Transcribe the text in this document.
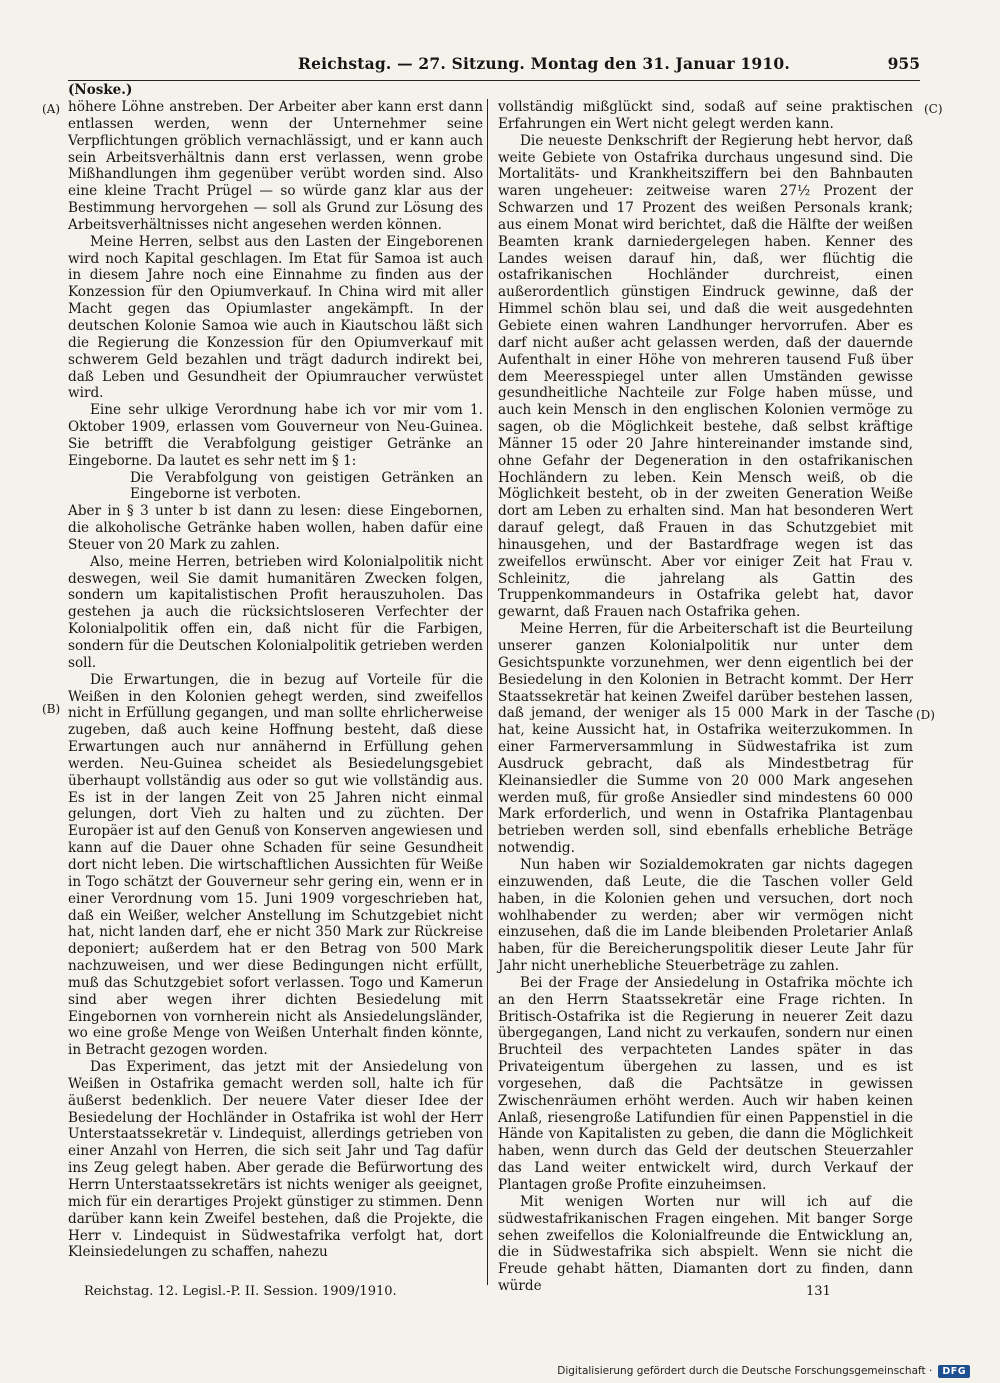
Reichstag. — 27. Sitzung. Montag den 31. Januar 1910.	955
(Noske.)
(A)
(B)
(C)
(D)

höhere Löhne anstreben. Der Arbeiter aber kann erst dann entlassen werden, wenn der Unternehmer seine Verpflichtungen gröblich vernachlässigt, und er kann auch sein Arbeitsverhältnis dann erst verlassen, wenn grobe Mißhandlungen ihm gegenüber verübt worden sind. Also eine kleine Tracht Prügel — so würde ganz klar aus der Bestimmung hervorgehen — soll als Grund zur Lösung des Arbeitsverhältnisses nicht angesehen werden können.

Meine Herren, selbst aus den Lasten der Eingeborenen wird noch Kapital geschlagen. Im Etat für Samoa ist auch in diesem Jahre noch eine Einnahme zu finden aus der Konzession für den Opiumverkauf. In China wird mit aller Macht gegen das Opiumlaster angekämpft. In der deutschen Kolonie Samoa wie auch in Kiautschou läßt sich die Regierung die Konzession für den Opiumverkauf mit schwerem Geld bezahlen und trägt dadurch indirekt bei, daß Leben und Gesundheit der Opiumraucher verwüstet wird.

Eine sehr ulkige Verordnung habe ich vor mir vom 1. Oktober 1909, erlassen vom Gouverneur von Neu-Guinea. Sie betrifft die Verabfolgung geistiger Getränke an Eingeborne. Da lautet es sehr nett im § 1:

Die Verabfolgung von geistigen Getränken an Eingeborne ist verboten.

Aber in § 3 unter b ist dann zu lesen: diese Eingebornen, die alkoholische Getränke haben wollen, haben dafür eine Steuer von 20 Mark zu zahlen.

Also, meine Herren, betrieben wird Kolonialpolitik nicht deswegen, weil Sie damit humanitären Zwecken folgen, sondern um kapitalistischen Profit herauszuholen. Das gestehen ja auch die rücksichtsloseren Verfechter der Kolonialpolitik offen ein, daß nicht für die Farbigen, sondern für die Deutschen Kolonialpolitik getrieben werden soll.

Die Erwartungen, die in bezug auf Vorteile für die Weißen in den Kolonien gehegt werden, sind zweifellos nicht in Erfüllung gegangen, und man sollte ehrlicherweise zugeben, daß auch keine Hoffnung besteht, daß diese Erwartungen auch nur annähernd in Erfüllung gehen werden. Neu-Guinea scheidet als Besiedelungsgebiet überhaupt vollständig aus oder so gut wie vollständig aus. Es ist in der langen Zeit von 25 Jahren nicht einmal gelungen, dort Vieh zu halten und zu züchten. Der Europäer ist auf den Genuß von Konserven angewiesen und kann auf die Dauer ohne Schaden für seine Gesundheit dort nicht leben. Die wirtschaftlichen Aussichten für Weiße in Togo schätzt der Gouverneur sehr gering ein, wenn er in einer Verordnung vom 15. Juni 1909 vorgeschrieben hat, daß ein Weißer, welcher Anstellung im Schutzgebiet nicht hat, nicht landen darf, ehe er nicht 350 Mark zur Rückreise deponiert; außerdem hat er den Betrag von 500 Mark nachzuweisen, und wer diese Bedingungen nicht erfüllt, muß das Schutzgebiet sofort verlassen. Togo und Kamerun sind aber wegen ihrer dichten Besiedelung mit Eingebornen von vornherein nicht als Ansiedelungsländer, wo eine große Menge von Weißen Unterhalt finden könnte, in Betracht gezogen worden.

Das Experiment, das jetzt mit der Ansiedelung von Weißen in Ostafrika gemacht werden soll, halte ich für äußerst bedenklich. Der neuere Vater dieser Idee der Besiedelung der Hochländer in Ostafrika ist wohl der Herr Unterstaatssekretär v. Lindequist, allerdings getrieben von einer Anzahl von Herren, die sich seit Jahr und Tag dafür ins Zeug gelegt haben. Aber gerade die Befürwortung des Herrn Unterstaatssekretärs ist nichts weniger als geeignet, mich für ein derartiges Projekt günstiger zu stimmen. Denn darüber kann kein Zweifel bestehen, daß die Projekte, die Herr v. Lindequist in Südwestafrika verfolgt hat, dort Kleinsiedelungen zu schaffen, nahezu

vollständig mißglückt sind, sodaß auf seine praktischen Erfahrungen ein Wert nicht gelegt werden kann.

Die neueste Denkschrift der Regierung hebt hervor, daß weite Gebiete von Ostafrika durchaus ungesund sind. Die Mortalitäts- und Krankheitsziffern bei den Bahnbauten waren ungeheuer: zeitweise waren 27½ Prozent der Schwarzen und 17 Prozent des weißen Personals krank; aus einem Monat wird berichtet, daß die Hälfte der weißen Beamten krank darniedergelegen haben. Kenner des Landes weisen darauf hin, daß, wer flüchtig die ostafrikanischen Hochländer durchreist, einen außerordentlich günstigen Eindruck gewinne, daß der Himmel schön blau sei, und daß die weit ausgedehnten Gebiete einen wahren Landhunger hervorrufen. Aber es darf nicht außer acht gelassen werden, daß der dauernde Aufenthalt in einer Höhe von mehreren tausend Fuß über dem Meeresspiegel unter allen Umständen gewisse gesundheitliche Nachteile zur Folge haben müsse, und auch kein Mensch in den englischen Kolonien vermöge zu sagen, ob die Möglichkeit bestehe, daß selbst kräftige Männer 15 oder 20 Jahre hintereinander imstande sind, ohne Gefahr der Degeneration in den ostafrikanischen Hochländern zu leben. Kein Mensch weiß, ob die Möglichkeit besteht, ob in der zweiten Generation Weiße dort am Leben zu erhalten sind. Man hat besonderen Wert darauf gelegt, daß Frauen in das Schutzgebiet mit hinausgehen, und der Bastardfrage wegen ist das zweifellos erwünscht. Aber vor einiger Zeit hat Frau v. Schleinitz, die jahrelang als Gattin des Truppenkommandeurs in Ostafrika gelebt hat, davor gewarnt, daß Frauen nach Ostafrika gehen.

Meine Herren, für die Arbeiterschaft ist die Beurteilung unserer ganzen Kolonialpolitik nur unter dem Gesichtspunkte vorzunehmen, wer denn eigentlich bei der Besiedelung in den Kolonien in Betracht kommt. Der Herr Staatssekretär hat keinen Zweifel darüber bestehen lassen, daß jemand, der weniger als 15 000 Mark in der Tasche hat, keine Aussicht hat, in Ostafrika weiterzukommen. In einer Farmerversammlung in Südwestafrika ist zum Ausdruck gebracht, daß als Mindestbetrag für Kleinansiedler die Summe von 20 000 Mark angesehen werden muß, für große Ansiedler sind mindestens 60 000 Mark erforderlich, und wenn in Ostafrika Plantagenbau betrieben werden soll, sind ebenfalls erhebliche Beträge notwendig.

Nun haben wir Sozialdemokraten gar nichts dagegen einzuwenden, daß Leute, die die Taschen voller Geld haben, in die Kolonien gehen und versuchen, dort noch wohlhabender zu werden; aber wir vermögen nicht einzusehen, daß die im Lande bleibenden Proletarier Anlaß haben, für die Bereicherungspolitik dieser Leute Jahr für Jahr nicht unerhebliche Steuerbeträge zu zahlen.

Bei der Frage der Ansiedelung in Ostafrika möchte ich an den Herrn Staatssekretär eine Frage richten. In Britisch-Ostafrika ist die Regierung in neuerer Zeit dazu übergegangen, Land nicht zu verkaufen, sondern nur einen Bruchteil des verpachteten Landes später in das Privateigentum übergehen zu lassen, und es ist vorgesehen, daß die Pachtsätze in gewissen Zwischenräumen erhöht werden. Auch wir haben keinen Anlaß, riesengroße Latifundien für einen Pappenstiel in die Hände von Kapitalisten zu geben, die dann die Möglichkeit haben, wenn durch das Geld der deutschen Steuerzahler das Land weiter entwickelt wird, durch Verkauf der Plantagen große Profite einzuheimsen.

Mit wenigen Worten nur will ich auf die südwestafrikanischen Fragen eingehen. Mit banger Sorge sehen zweifellos die Kolonialfreunde die Entwicklung an, die in Südwestafrika sich abspielt. Wenn sie nicht die Freude gehabt hätten, Diamanten dort zu finden, dann würde

Reichstag. 12. Legisl.-P. II. Session. 1909/1910.	131
Digitalisierung gefördert durch die Deutsche Forschungsgemeinschaft ·	DFG
